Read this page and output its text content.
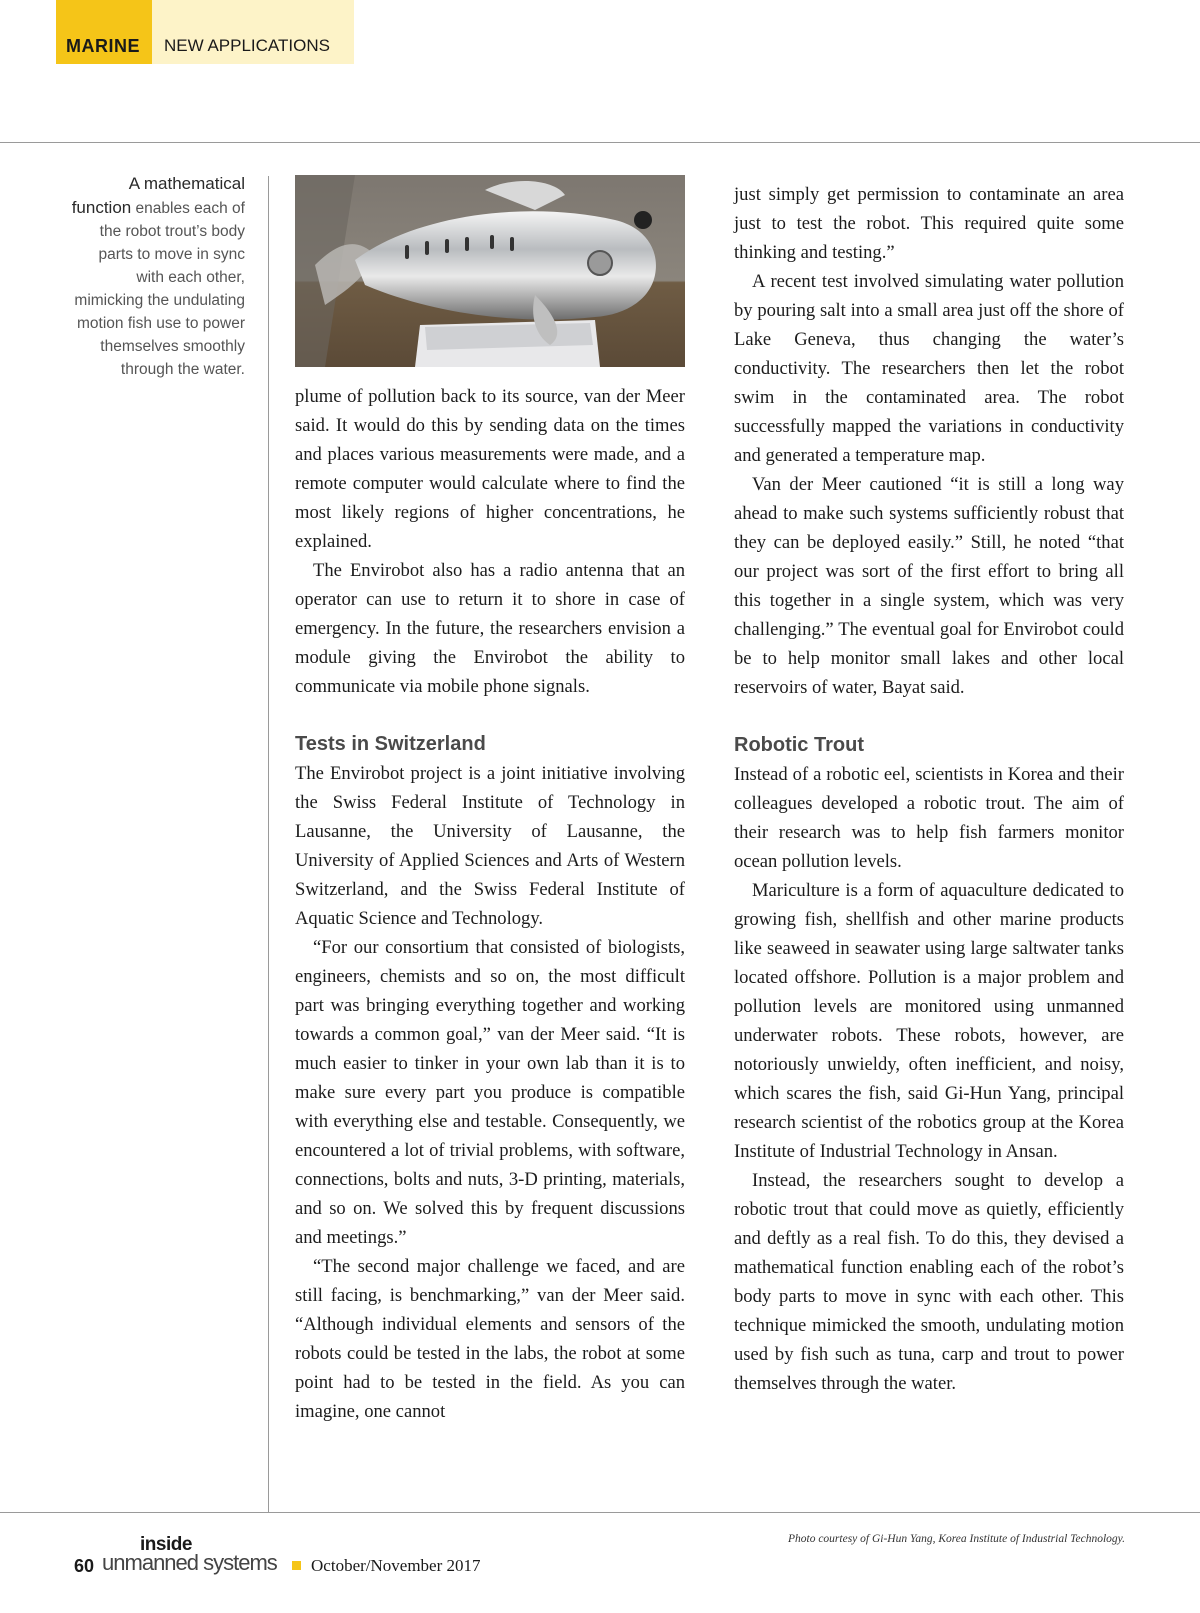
MARINE	NEW APPLICATIONS
A mathematical function enables each of the robot trout’s body parts to move in sync with each other, mimicking the undulating motion fish use to power themselves smoothly through the water.

plume of pollution back to its source, van der Meer said. It would do this by sending data on the times and places various measurements were made, and a remote computer would calculate where to find the most likely regions of higher concentrations, he explained.

The Envirobot also has a radio antenna that an operator can use to return it to shore in case of emergency. In the future, the researchers envision a module giving the Envirobot the ability to communicate via mobile phone signals.

Tests in Switzerland

The Envirobot project is a joint initiative involving the Swiss Federal Institute of Technology in Lausanne, the University of Lausanne, the University of Applied Sciences and Arts of Western Switzerland, and the Swiss Federal Institute of Aquatic Science and Technology.

“For our consortium that consisted of biologists, engineers, chemists and so on, the most difficult part was bringing everything together and working towards a common goal,” van der Meer said. “It is much easier to tinker in your own lab than it is to make sure every part you produce is compatible with everything else and testable. Consequently, we encountered a lot of trivial problems, with software, connections, bolts and nuts, 3-D printing, materials, and so on. We solved this by frequent discussions and meetings.”

“The second major challenge we faced, and are still facing, is benchmarking,” van der Meer said. “Although individual elements and sensors of the robots could be tested in the labs, the robot at some point had to be tested in the field. As you can imagine, one cannot

just simply get permission to contaminate an area just to test the robot. This required quite some thinking and testing.”

A recent test involved simulating water pollution by pouring salt into a small area just off the shore of Lake Geneva, thus changing the water’s conductivity. The researchers then let the robot swim in the contaminated area. The robot successfully mapped the variations in conductivity and generated a temperature map.

Van der Meer cautioned “it is still a long way ahead to make such systems sufficiently robust that they can be deployed easily.” Still, he noted “that our project was sort of the first effort to bring all this together in a single system, which was very challenging.” The eventual goal for Envirobot could be to help monitor small lakes and other local reservoirs of water, Bayat said.

Robotic Trout

Instead of a robotic eel, scientists in Korea and their colleagues developed a robotic trout. The aim of their research was to help fish farmers monitor ocean pollution levels.

Mariculture is a form of aquaculture dedicated to growing fish, shellfish and other marine products like seaweed in seawater using large saltwater tanks located offshore. Pollution is a major problem and pollution levels are monitored using unmanned underwater robots. These robots, however, are notoriously unwieldy, often inefficient, and noisy, which scares the fish, said Gi-Hun Yang, principal research scientist of the robotics group at the Korea Institute of Industrial Technology in Ansan.

Instead, the researchers sought to develop a robotic trout that could move as quietly, efficiently and deftly as a real fish. To do this, they devised a mathematical function enabling each of the robot’s body parts to move in sync with each other. This technique mimicked the smooth, undulating motion used by fish such as tuna, carp and trout to power themselves through the water.

Photo courtesy of Gi-Hun Yang, Korea Institute of Industrial Technology.
60
inside
unmanned systems October/November 2017
